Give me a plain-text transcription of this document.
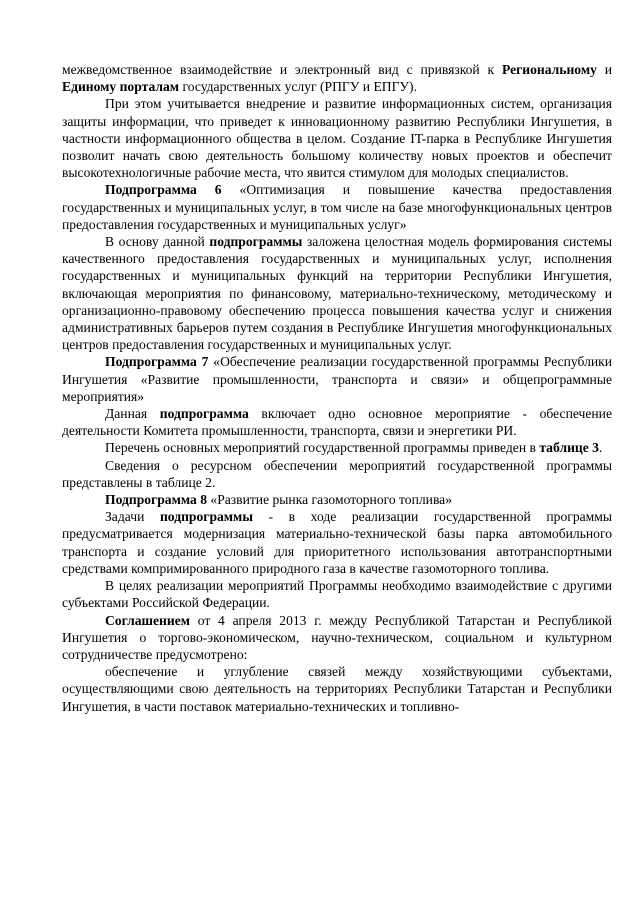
межведомственное взаимодействие и электронный вид с привязкой к Региональному и Единому порталам государственных услуг (РПГУ и ЕПГУ).

При этом учитывается внедрение и развитие информационных систем, организация защиты информации, что приведет к инновационному развитию Республики Ингушетия, в частности информационного общества в целом. Создание IT-парка в Республике Ингушетия позволит начать свою деятельность большому количеству новых проектов и обеспечит высокотехнологичные рабочие места, что явится стимулом для молодых специалистов.

Подпрограмма 6 «Оптимизация и повышение качества предоставления государственных и муниципальных услуг, в том числе на базе многофункциональных центров предоставления государственных и муниципальных услуг»

В основу данной подпрограммы заложена целостная модель формирования системы качественного предоставления государственных и муниципальных услуг, исполнения государственных и муниципальных функций на территории Республики Ингушетия, включающая мероприятия по финансовому, материально-техническому, методическому и организационно-правовому обеспечению процесса повышения качества услуг и снижения административных барьеров путем создания в Республике Ингушетия многофункциональных центров предоставления государственных и муниципальных услуг.

Подпрограмма 7 «Обеспечение реализации государственной программы Республики Ингушетия «Развитие промышленности, транспорта и связи» и общепрограммные мероприятия»

Данная подпрограмма включает одно основное мероприятие - обеспечение деятельности Комитета промышленности, транспорта, связи и энергетики РИ.

Перечень основных мероприятий государственной программы приведен в таблице 3.

Сведения о ресурсном обеспечении мероприятий государственной программы представлены в таблице 2.

Подпрограмма 8 «Развитие рынка газомоторного топлива»

Задачи подпрограммы - в ходе реализации государственной программы предусматривается модернизация материально-технической базы парка автомобильного транспорта и создание условий для приоритетного использования автотранспортными средствами компримированного природного газа в качестве газомоторного топлива.

В целях реализации мероприятий Программы необходимо взаимодействие с другими субъектами Российской Федерации.

Соглашением от 4 апреля 2013 г. между Республикой Татарстан и Республикой Ингушетия о торгово-экономическом, научно-техническом, социальном и культурном сотрудничестве предусмотрено:

обеспечение и углубление связей между хозяйствующими субъектами, осуществляющими свою деятельность на территориях Республики Татарстан и Республики Ингушетия, в части поставок материально-технических и топливно-
